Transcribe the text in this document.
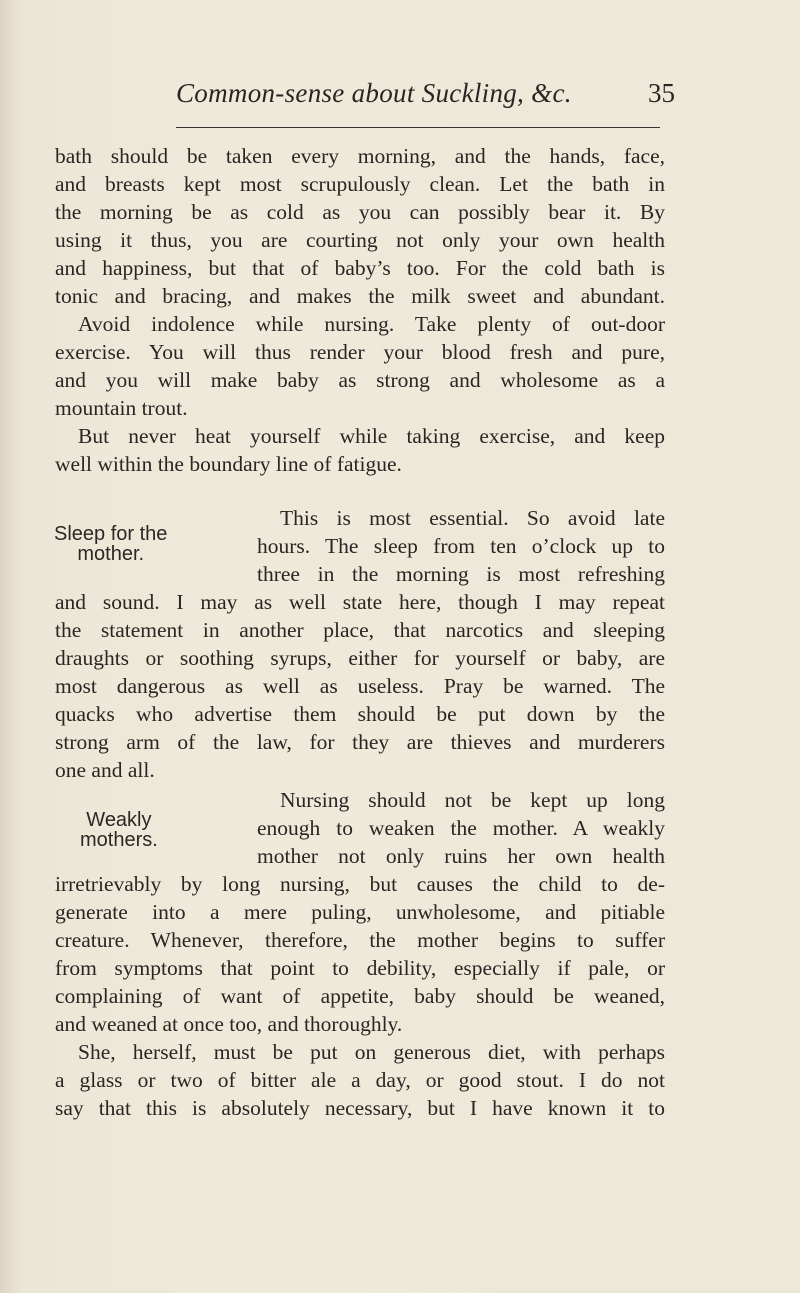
Common-sense about Suckling, &c.	35
bath should be taken every morning, and the hands, face,
and breasts kept most scrupulously clean. Let the bath in
the morning be as cold as you can possibly bear it. By
using it thus, you are courting not only your own health
and happiness, but that of baby’s too. For the cold bath is
tonic and bracing, and makes the milk sweet and abundant.
Avoid indolence while nursing. Take plenty of out-door
exercise. You will thus render your blood fresh and pure,
and you will make baby as strong and wholesome as a
mountain trout.
But never heat yourself while taking exercise, and keep
well within the boundary line of fatigue.
Sleep for the
mother.
This is most essential. So avoid late
hours. The sleep from ten o’clock up to
three in the morning is most refreshing
and sound. I may as well state here, though I may repeat
the statement in another place, that narcotics and sleeping
draughts or soothing syrups, either for yourself or baby, are
most dangerous as well as useless. Pray be warned. The
quacks who advertise them should be put down by the
strong arm of the law, for they are thieves and murderers
one and all.
Weakly
mothers.
Nursing should not be kept up long
enough to weaken the mother. A weakly
mother not only ruins her own health
irretrievably by long nursing, but causes the child to de-
generate into a mere puling, unwholesome, and pitiable
creature. Whenever, therefore, the mother begins to suffer
from symptoms that point to debility, especially if pale, or
complaining of want of appetite, baby should be weaned,
and weaned at once too, and thoroughly.
She, herself, must be put on generous diet, with perhaps
a glass or two of bitter ale a day, or good stout. I do not
say that this is absolutely necessary, but I have known it to
